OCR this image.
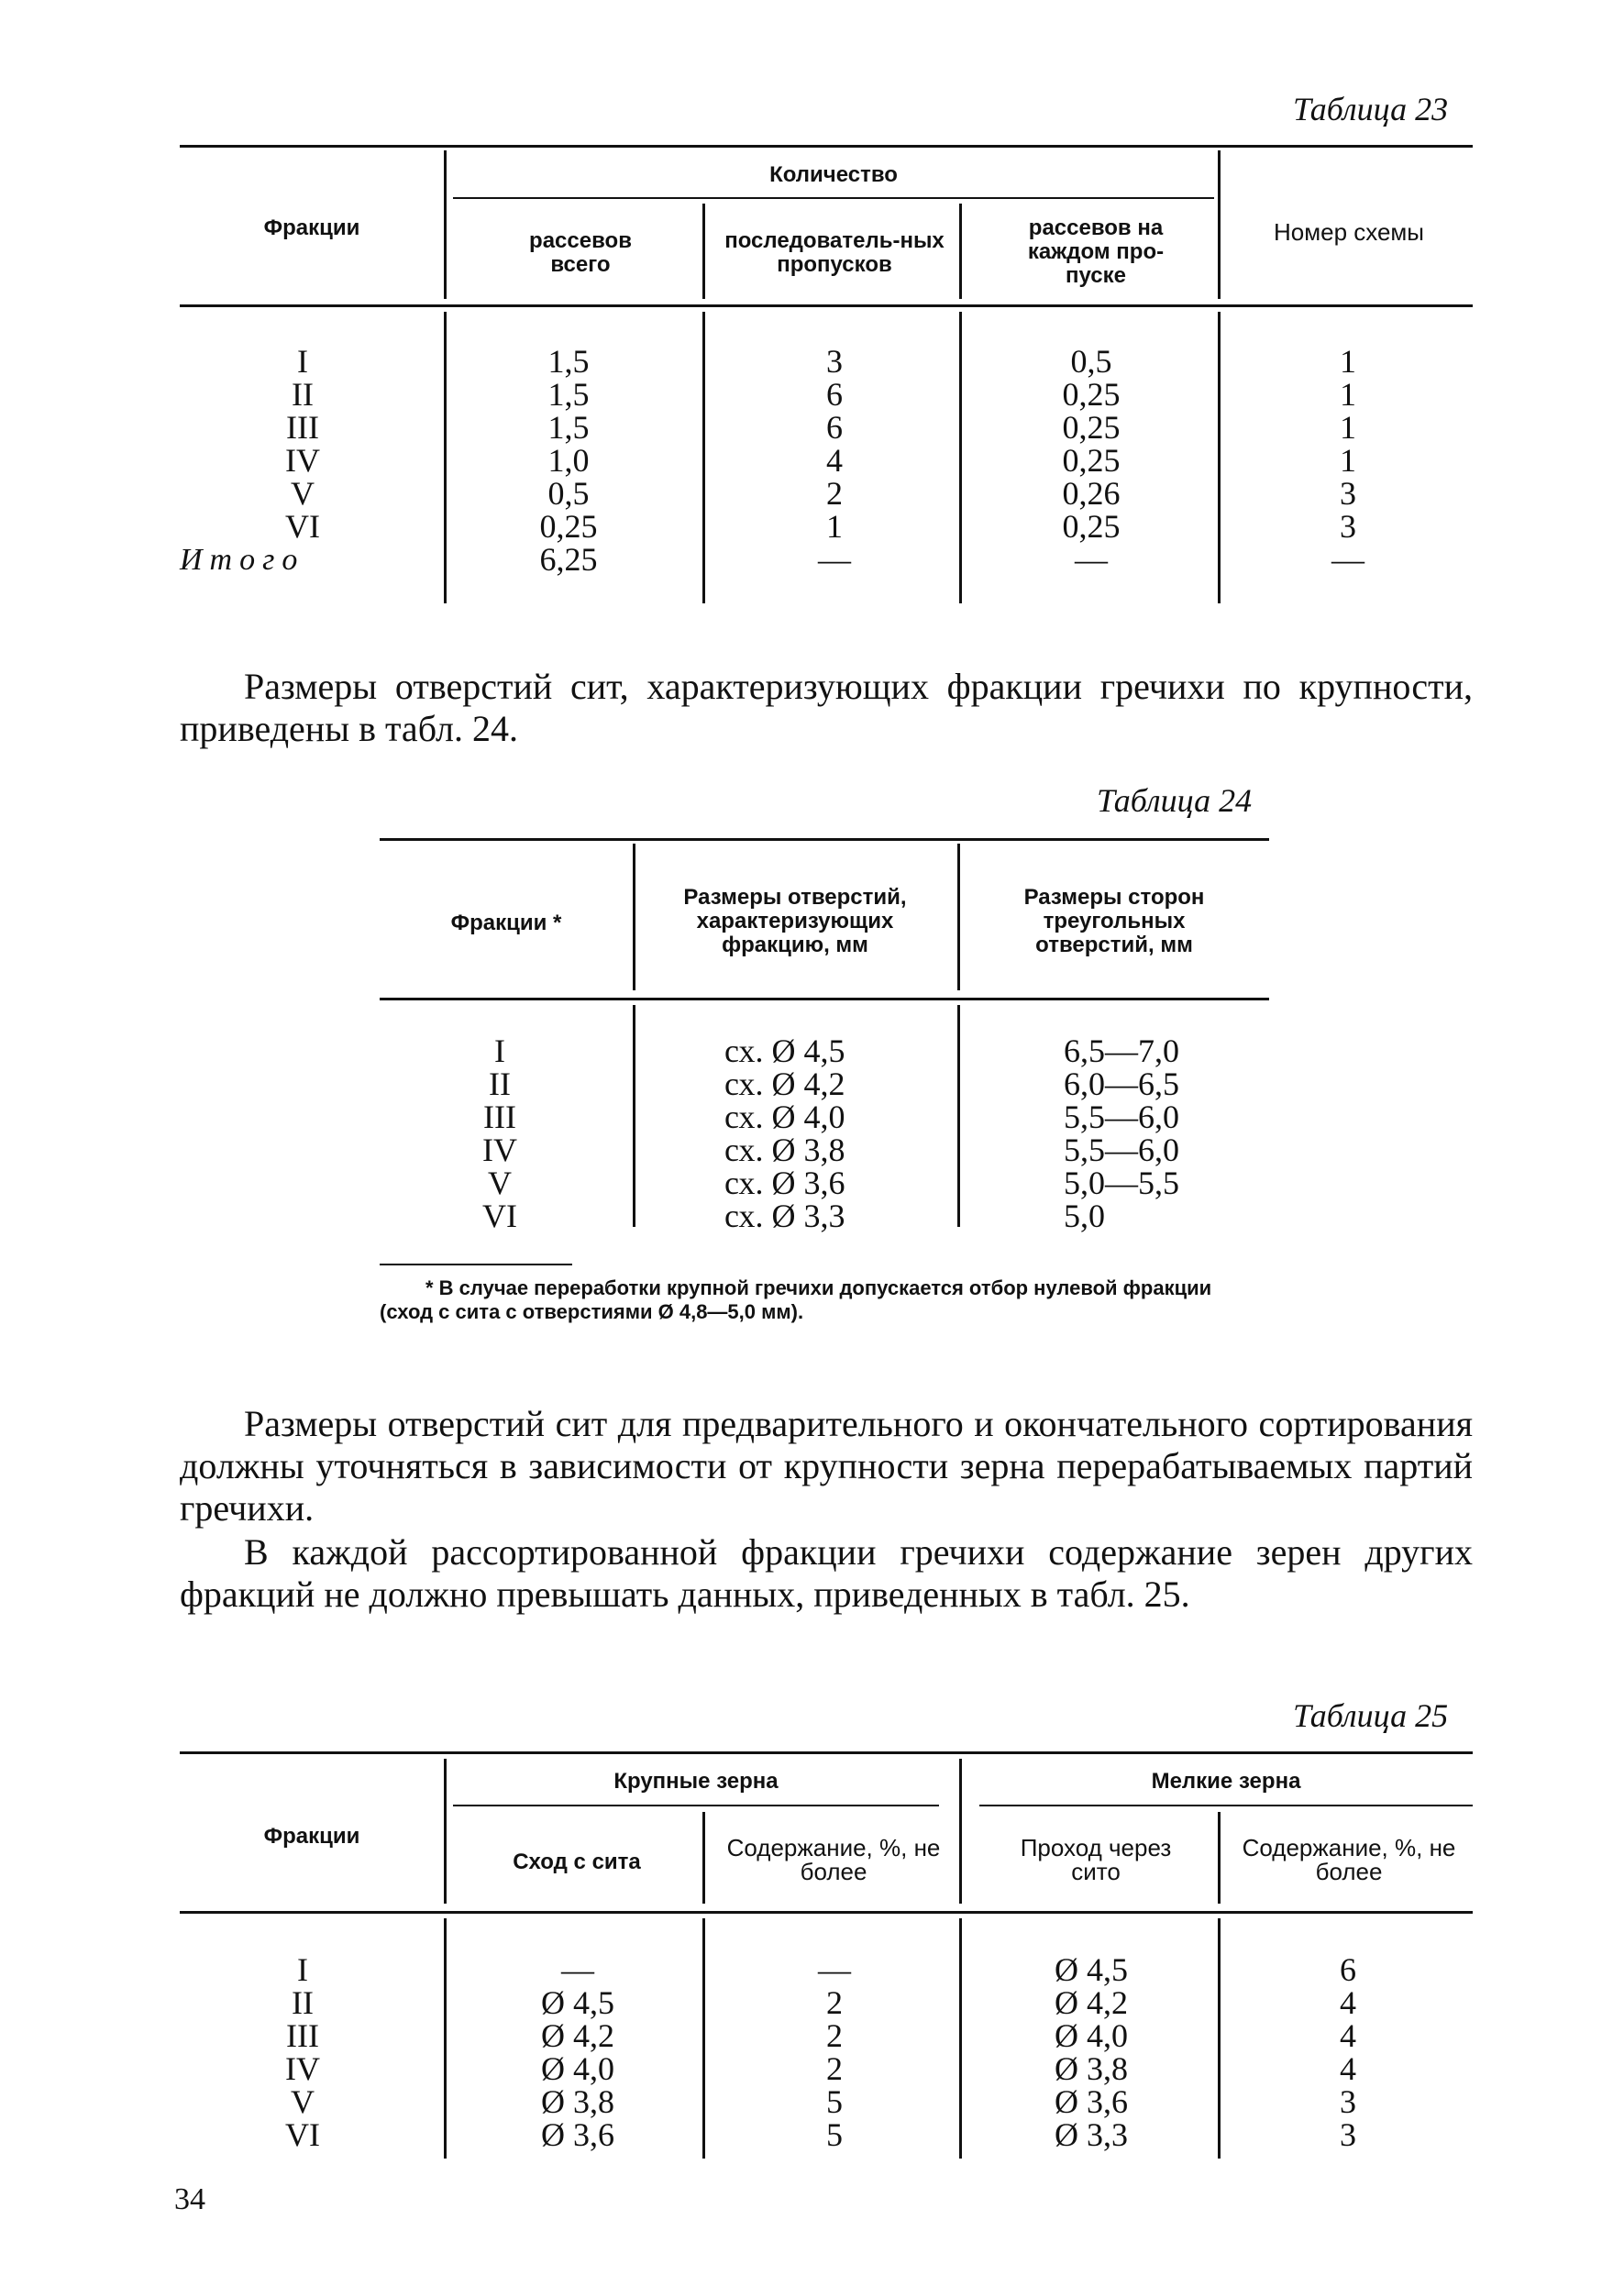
Таблица 23
Фракции
Количество
рассевов всего
последователь-ных пропусков
рассевов на каждом про-пуске
Номер схемы
I
II
III
IV
V
VI
Итого
1,5
1,5
1,5
1,0
0,5
0,25
6,25
3
6
6
4
2
1
—
0,5
0,25
0,25
0,25
0,26
0,25
—
1
1
1
1
3
3
—
Размеры отверстий сит, характеризующих фракции гречихи по крупности, приведены в табл. 24.
Таблица 24
Фракции *
Размеры отверстий, характеризующих фракцию, мм
Размеры сторон треугольных отверстий, мм
I
II
III
IV
V
VI
сх. Ø 4,5
сх. Ø 4,2
сх. Ø 4,0
сх. Ø 3,8
сх. Ø 3,6
сх. Ø 3,3
6,5—7,0
6,0—6,5
5,5—6,0
5,5—6,0
5,0—5,5
5,0
* В случае переработки крупной гречихи допускается отбор нулевой фракции (сход с сита с отверстиями Ø 4,8—5,0 мм).
Размеры отверстий сит для предварительного и окончательного сортирования должны уточняться в зависимости от крупности зерна перерабатываемых партий гречихи.
В каждой рассортированной фракции гречихи содержание зерен других фракций не должно превышать данных, приведенных в табл. 25.
Таблица 25
Фракции
Крупные зерна	Мелкие зерна
Сход с сита
Содержание, %, не более
Проход через сито
Содержание, %, не более
I
II
III
IV
V
VI
—
Ø 4,5
Ø 4,2
Ø 4,0
Ø 3,8
Ø 3,6
—
2
2
2
5
5
Ø 4,5
Ø 4,2
Ø 4,0
Ø 3,8
Ø 3,6
Ø 3,3
6
4
4
4
3
3
34
